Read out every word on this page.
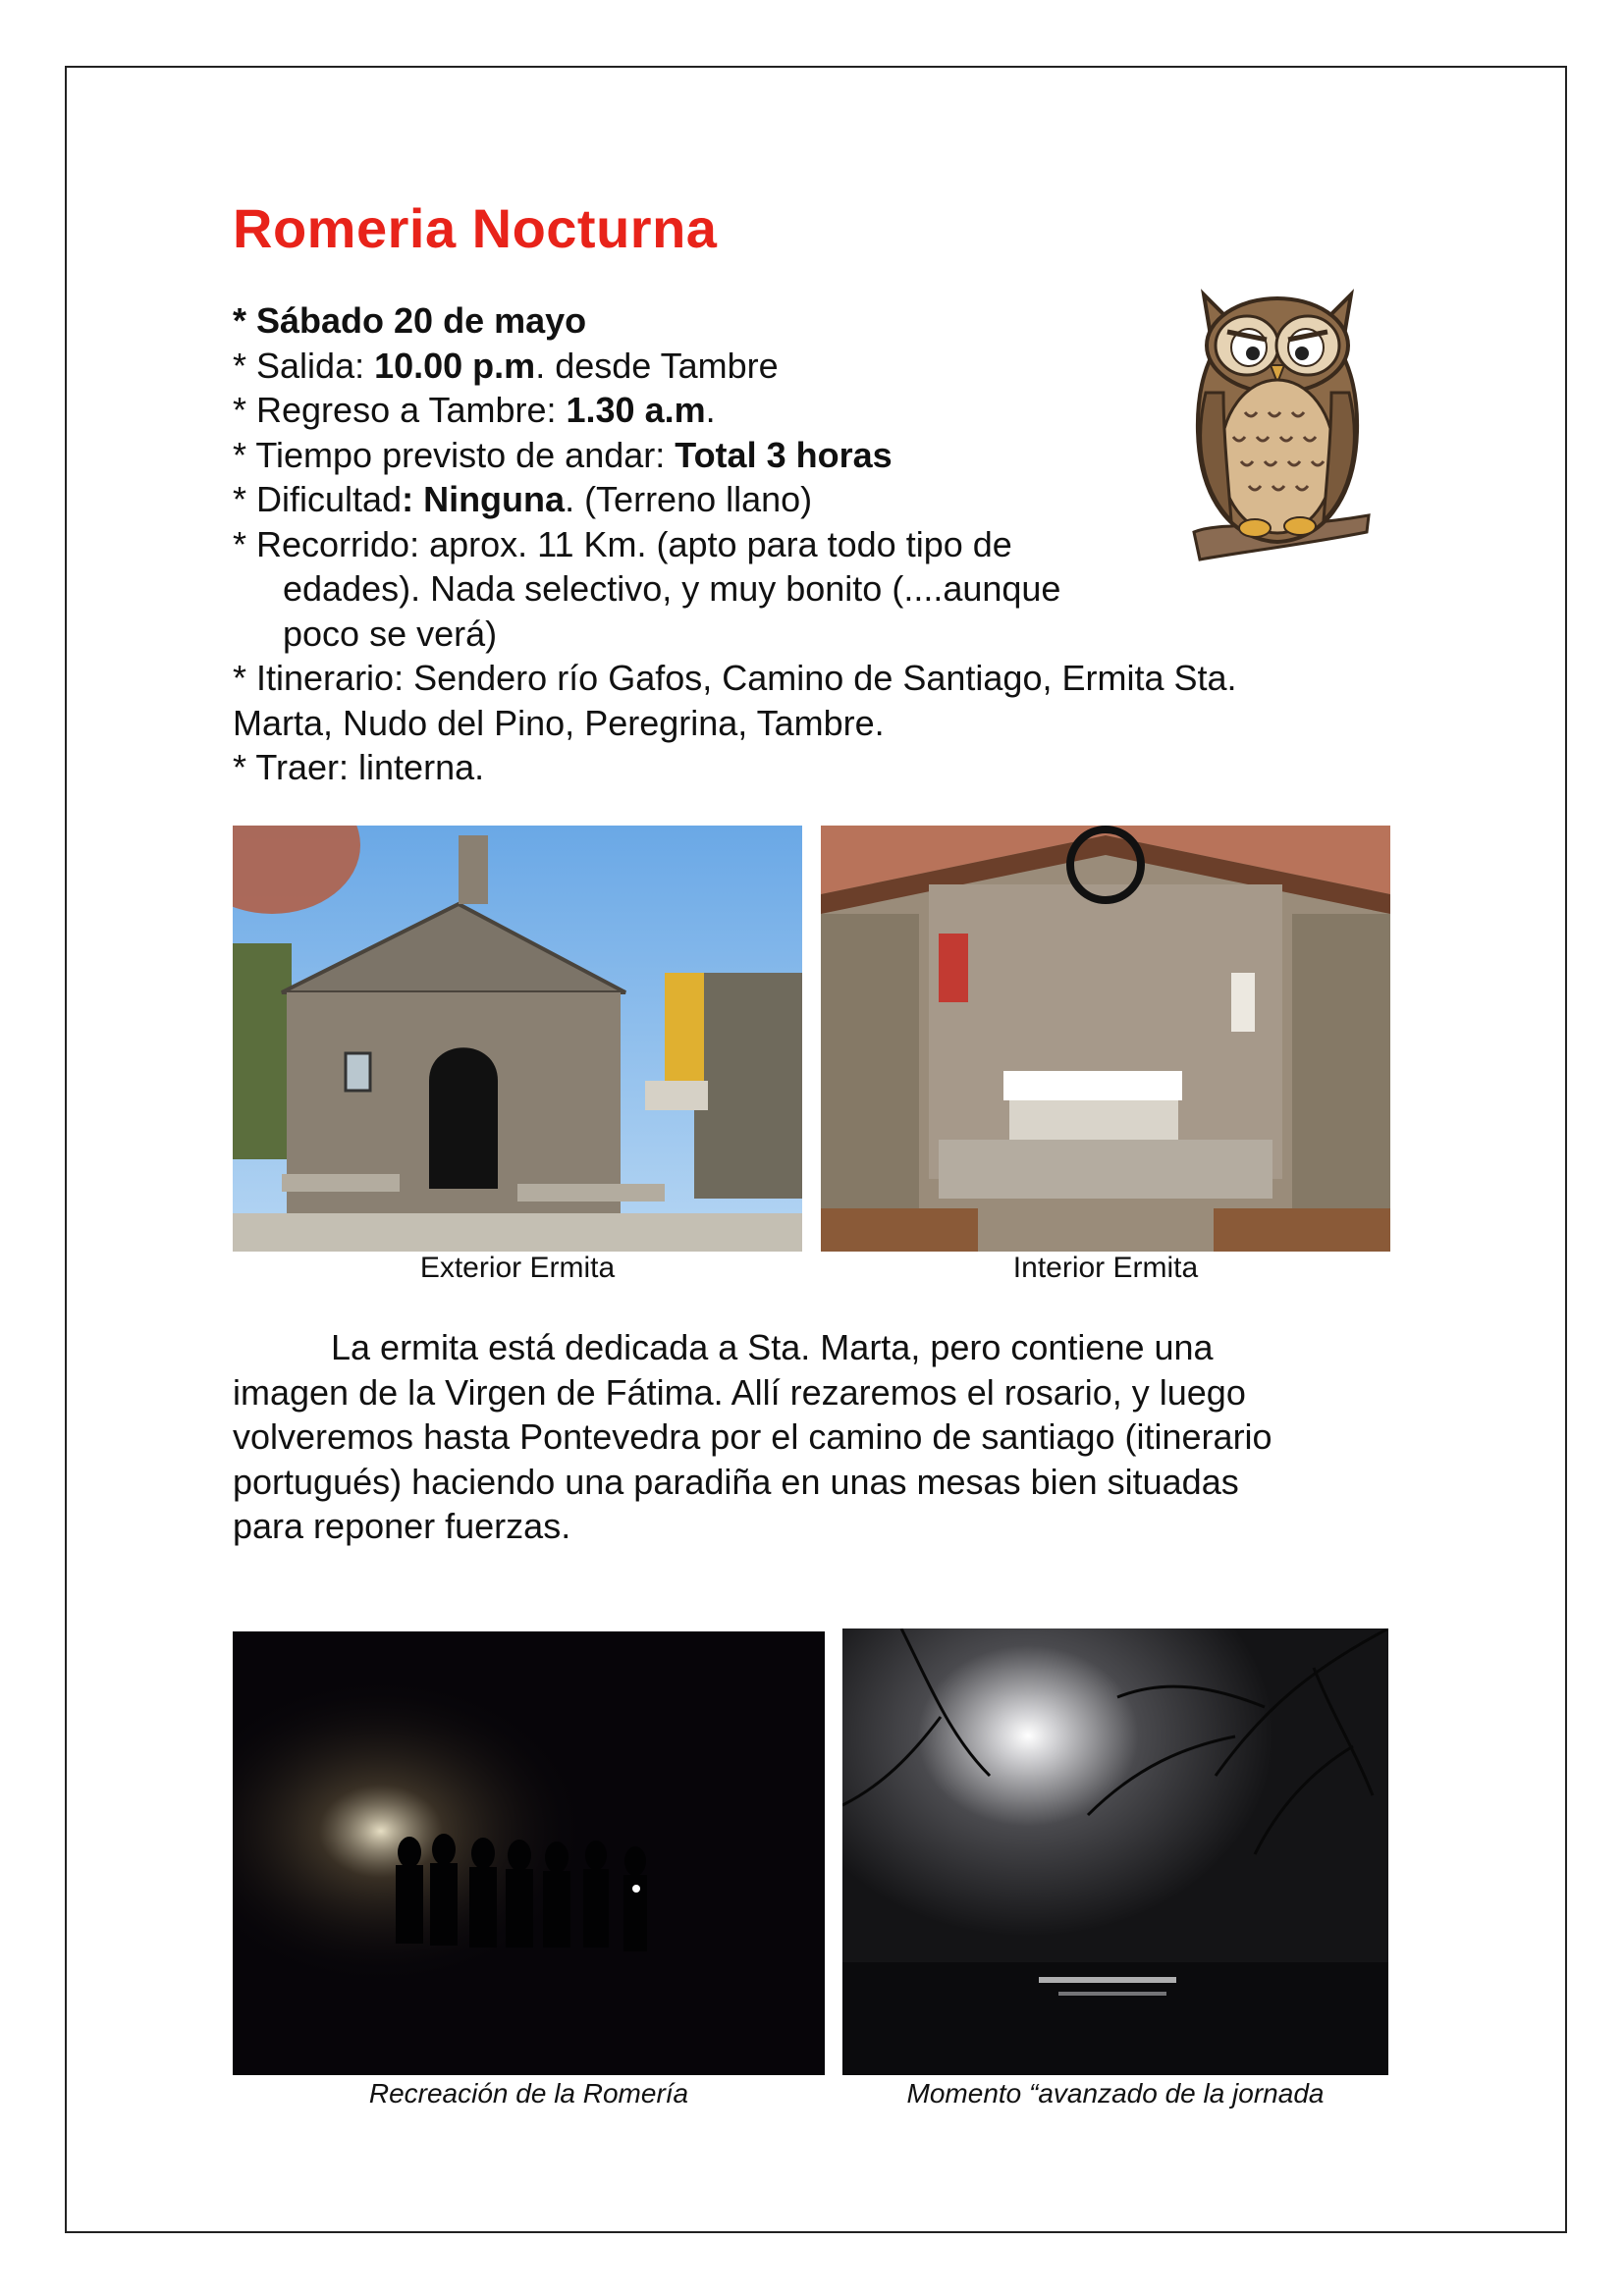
Romeria Nocturna
* Sábado 20 de mayo
* Salida: 10.00 p.m. desde Tambre
* Regreso a Tambre: 1.30 a.m.
* Tiempo previsto de andar: Total 3 horas
* Dificultad: Ninguna. (Terreno llano)
* Recorrido: aprox. 11 Km. (apto para todo tipo de
edades). Nada selectivo, y muy bonito (....aunque
poco se verá)
* Itinerario: Sendero río Gafos, Camino de Santiago, Ermita Sta.
Marta, Nudo del Pino, Peregrina, Tambre.
* Traer: linterna.
Exterior Ermita	Interior Ermita
La ermita está dedicada a Sta. Marta, pero contiene una
imagen de la Virgen de Fátima. Allí rezaremos el rosario, y luego
volveremos hasta Pontevedra por el camino de santiago (itinerario
portugués) haciendo una paradiña en unas mesas bien situadas
para reponer fuerzas.
Recreación de la Romería	Momento “avanzado de la jornada
